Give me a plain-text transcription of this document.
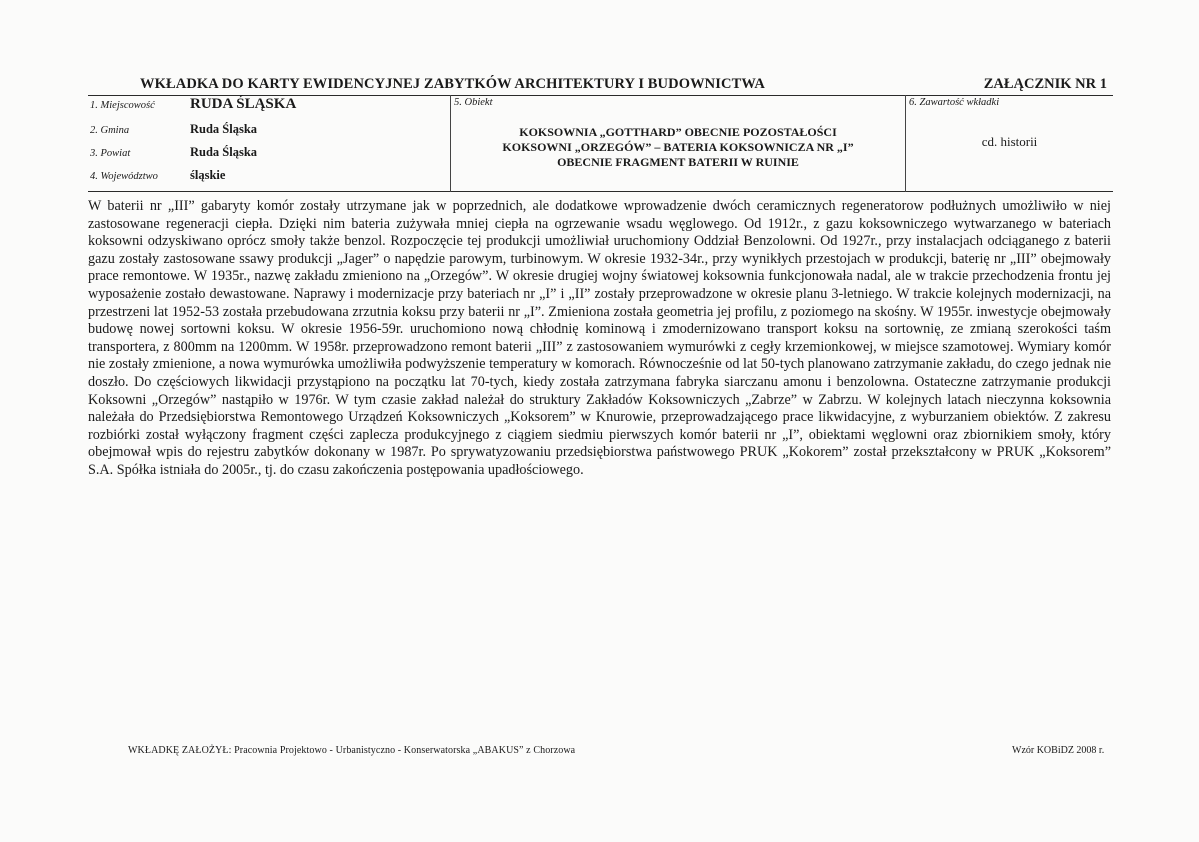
WKŁADKA DO KARTY EWIDENCYJNEJ ZABYTKÓW ARCHITEKTURY I BUDOWNICTWA	ZAŁĄCZNIK NR 1
1. Miejscowość	RUDA ŚLĄSKA
2. Gmina	Ruda Śląska
3. Powiat	Ruda Śląska
4. Województwo	śląskie

5. Obiekt
KOKSOWNIA „GOTTHARD” OBECNIE POZOSTAŁOŚCI
KOKSOWNI „ORZEGÓW” – BATERIA KOKSOWNICZA NR „I”
OBECNIE FRAGMENT BATERII W RUINIE

6. Zawartość wkładki
cd. historii
W baterii nr „III” gabaryty komór zostały utrzymane jak w poprzednich, ale dodatkowe wprowadzenie dwóch ceramicznych regeneratorow podłużnych umożliwiło w niej zastosowane regeneracji ciepła. Dzięki nim bateria zużywała mniej ciepła na ogrzewanie wsadu węglowego. Od 1912r., z gazu koksowniczego wytwarzanego w bateriach koksowni odzyskiwano oprócz smoły także benzol. Rozpoczęcie tej produkcji umożliwiał uruchomiony Oddział Benzolowni. Od 1927r., przy instalacjach odciąganego z baterii gazu zostały zastosowane ssawy produkcji „Jager” o napędzie parowym, turbinowym. W okresie 1932-34r., przy wynikłych przestojach w produkcji, baterię nr „III” obejmowały prace remontowe. W 1935r., nazwę zakładu zmieniono na „Orzegów”. W okresie drugiej wojny światowej koksownia funkcjonowała nadal, ale w trakcie przechodzenia frontu jej wyposażenie zostało dewastowane. Naprawy i modernizacje przy bateriach nr „I” i „II” zostały przeprowadzone w okresie planu 3-letniego. W trakcie kolejnych modernizacji, na przestrzeni lat 1952-53 została przebudowana zrzutnia koksu przy baterii nr „I”. Zmieniona została geometria jej profilu, z poziomego na skośny. W 1955r. inwestycje obejmowały budowę nowej sortowni koksu. W okresie 1956-59r. uruchomiono nową chłodnię kominową i zmodernizowano transport koksu na sortownię, ze zmianą szerokości taśm transportera, z 800mm na 1200mm. W 1958r. przeprowadzono remont baterii „III” z zastosowaniem wymurówki z cegły krzemionkowej, w miejsce szamotowej. Wymiary komór nie zostały zmienione, a nowa wymurówka umożliwiła podwyższenie temperatury w komorach. Równocześnie od lat 50-tych planowano zatrzymanie zakładu, do czego jednak nie doszło. Do częściowych likwidacji przystąpiono na początku lat 70-tych, kiedy została zatrzymana fabryka siarczanu amonu i benzolowna. Ostateczne zatrzymanie produkcji Koksowni „Orzegów” nastąpiło w 1976r. W tym czasie zakład należał do struktury Zakładów Koksowniczych „Zabrze” w Zabrzu. W kolejnych latach nieczynna koksownia należała do Przedsiębiorstwa Remontowego Urządzeń Koksowniczych „Koksorem” w Knurowie, przeprowadzającego prace likwidacyjne, z wyburzaniem obiektów. Z zakresu rozbiórki został wyłączony fragment części zaplecza produkcyjnego z ciągiem siedmiu pierwszych komór baterii nr „I”, obiektami węglowni oraz zbiornikiem smoły, który obejmował wpis do rejestru zabytków dokonany w 1987r. Po sprywatyzowaniu przedsiębiorstwa państwowego PRUK „Kokorem” został przekształcony w PRUK „Koksorem” S.A. Spółka istniała do 2005r., tj. do czasu zakończenia postępowania upadłościowego.
WKŁADKĘ ZAŁOŻYŁ: Pracownia Projektowo - Urbanistyczno - Konserwatorska „ABAKUS” z Chorzowa	Wzór KOBiDZ 2008 r.
